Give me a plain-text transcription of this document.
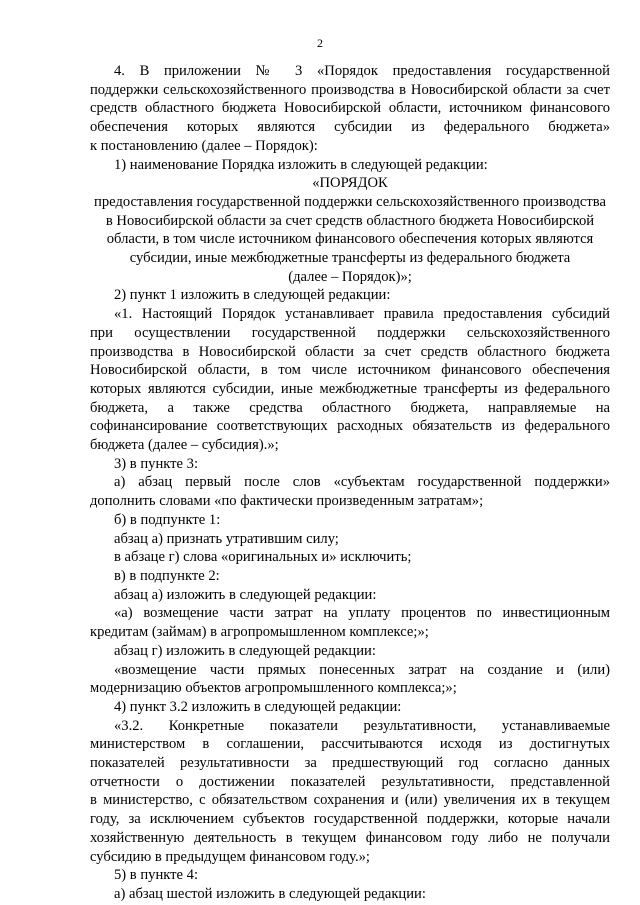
2

4. В приложении № 3 «Порядок предоставления государственной

поддержки сельскохозяйственного производства в Новосибирской области за счет

средств областного бюджета Новосибирской области, источником финансового

обеспечения которых являются субсидии из федерального бюджета»

к постановлению (далее – Порядок):

1) наименование Порядка изложить в следующей редакции:

«ПОРЯДОК

предоставления государственной поддержки сельскохозяйственного производства

в Новосибирской области за счет средств областного бюджета Новосибирской

области, в том числе источником финансового обеспечения которых являются

субсидии, иные межбюджетные трансферты из федерального бюджета

(далее – Порядок)»;

2) пункт 1 изложить в следующей редакции:

«1. Настоящий Порядок устанавливает правила предоставления субсидий

при осуществлении государственной поддержки сельскохозяйственного

производства в Новосибирской области за счет средств областного бюджета

Новосибирской области, в том числе источником финансового обеспечения

которых являются субсидии, иные межбюджетные трансферты из федерального

бюджета, а также средства областного бюджета, направляемые на

софинансирование соответствующих расходных обязательств из федерального

бюджета (далее – субсидия).»;

3) в пункте 3:

а) абзац первый после слов «субъектам государственной поддержки»

дополнить словами «по фактически произведенным затратам»;

б) в подпункте 1:

абзац а) признать утратившим силу;

в абзаце г) слова «оригинальных и» исключить;

в) в подпункте 2:

абзац а) изложить в следующей редакции:

«а) возмещение части затрат на уплату процентов по инвестиционным

кредитам (займам) в агропромышленном комплексе;»;

абзац г) изложить в следующей редакции:

«возмещение части прямых понесенных затрат на создание и (или)

модернизацию объектов агропромышленного комплекса;»;

4) пункт 3.2 изложить в следующей редакции:

«3.2. Конкретные показатели результативности, устанавливаемые

министерством в соглашении, рассчитываются исходя из достигнутых

показателей результативности за предшествующий год согласно данных

отчетности о достижении показателей результативности, представленной

в министерство, с обязательством сохранения и (или) увеличения их в текущем

году, за исключением субъектов государственной поддержки, которые начали

хозяйственную деятельность в текущем финансовом году либо не получали

субсидию в предыдущем финансовом году.»;

5) в пункте 4:

а) абзац шестой изложить в следующей редакции:
